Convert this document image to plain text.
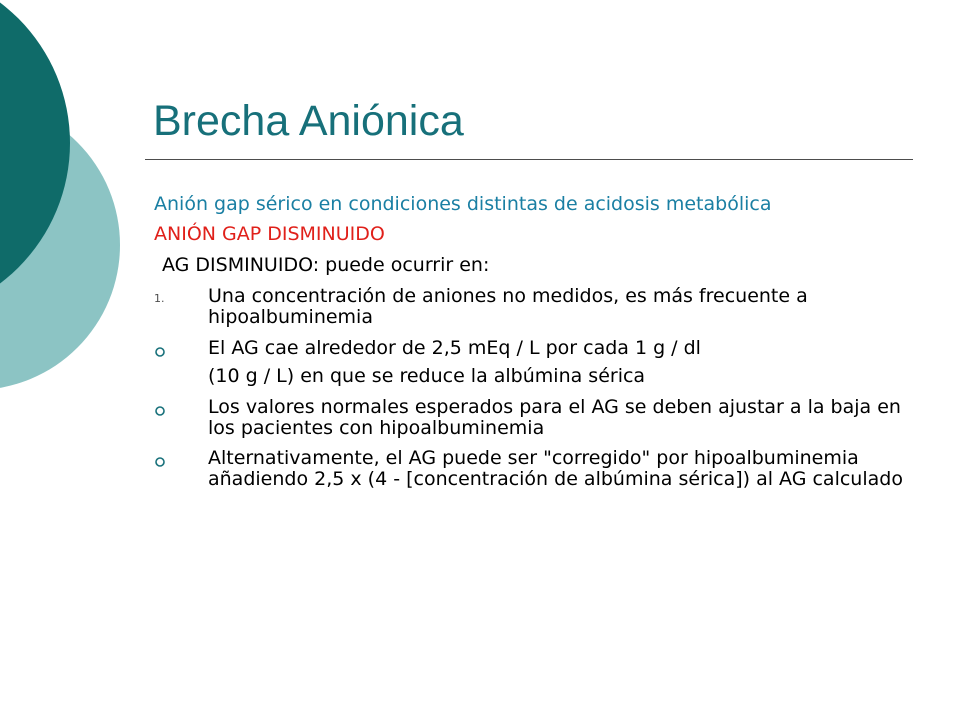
Brecha Aniónica

Anión gap sérico en condiciones distintas de acidosis metabólica

ANIÓN GAP DISMINUIDO

AG DISMINUIDO: puede ocurrir en:

1. Una concentración de aniones no medidos, es más frecuente a hipoalbuminemia

El AG cae alrededor de 2,5 mEq / L por cada 1 g / dl

(10 g / L) en que se reduce la albúmina sérica

Los valores normales esperados para el AG se deben ajustar a la baja en los pacientes con hipoalbuminemia

Alternativamente, el AG puede ser "corregido" por hipoalbuminemia añadiendo 2,5 x (4 - [concentración de albúmina sérica]) al AG calculado
